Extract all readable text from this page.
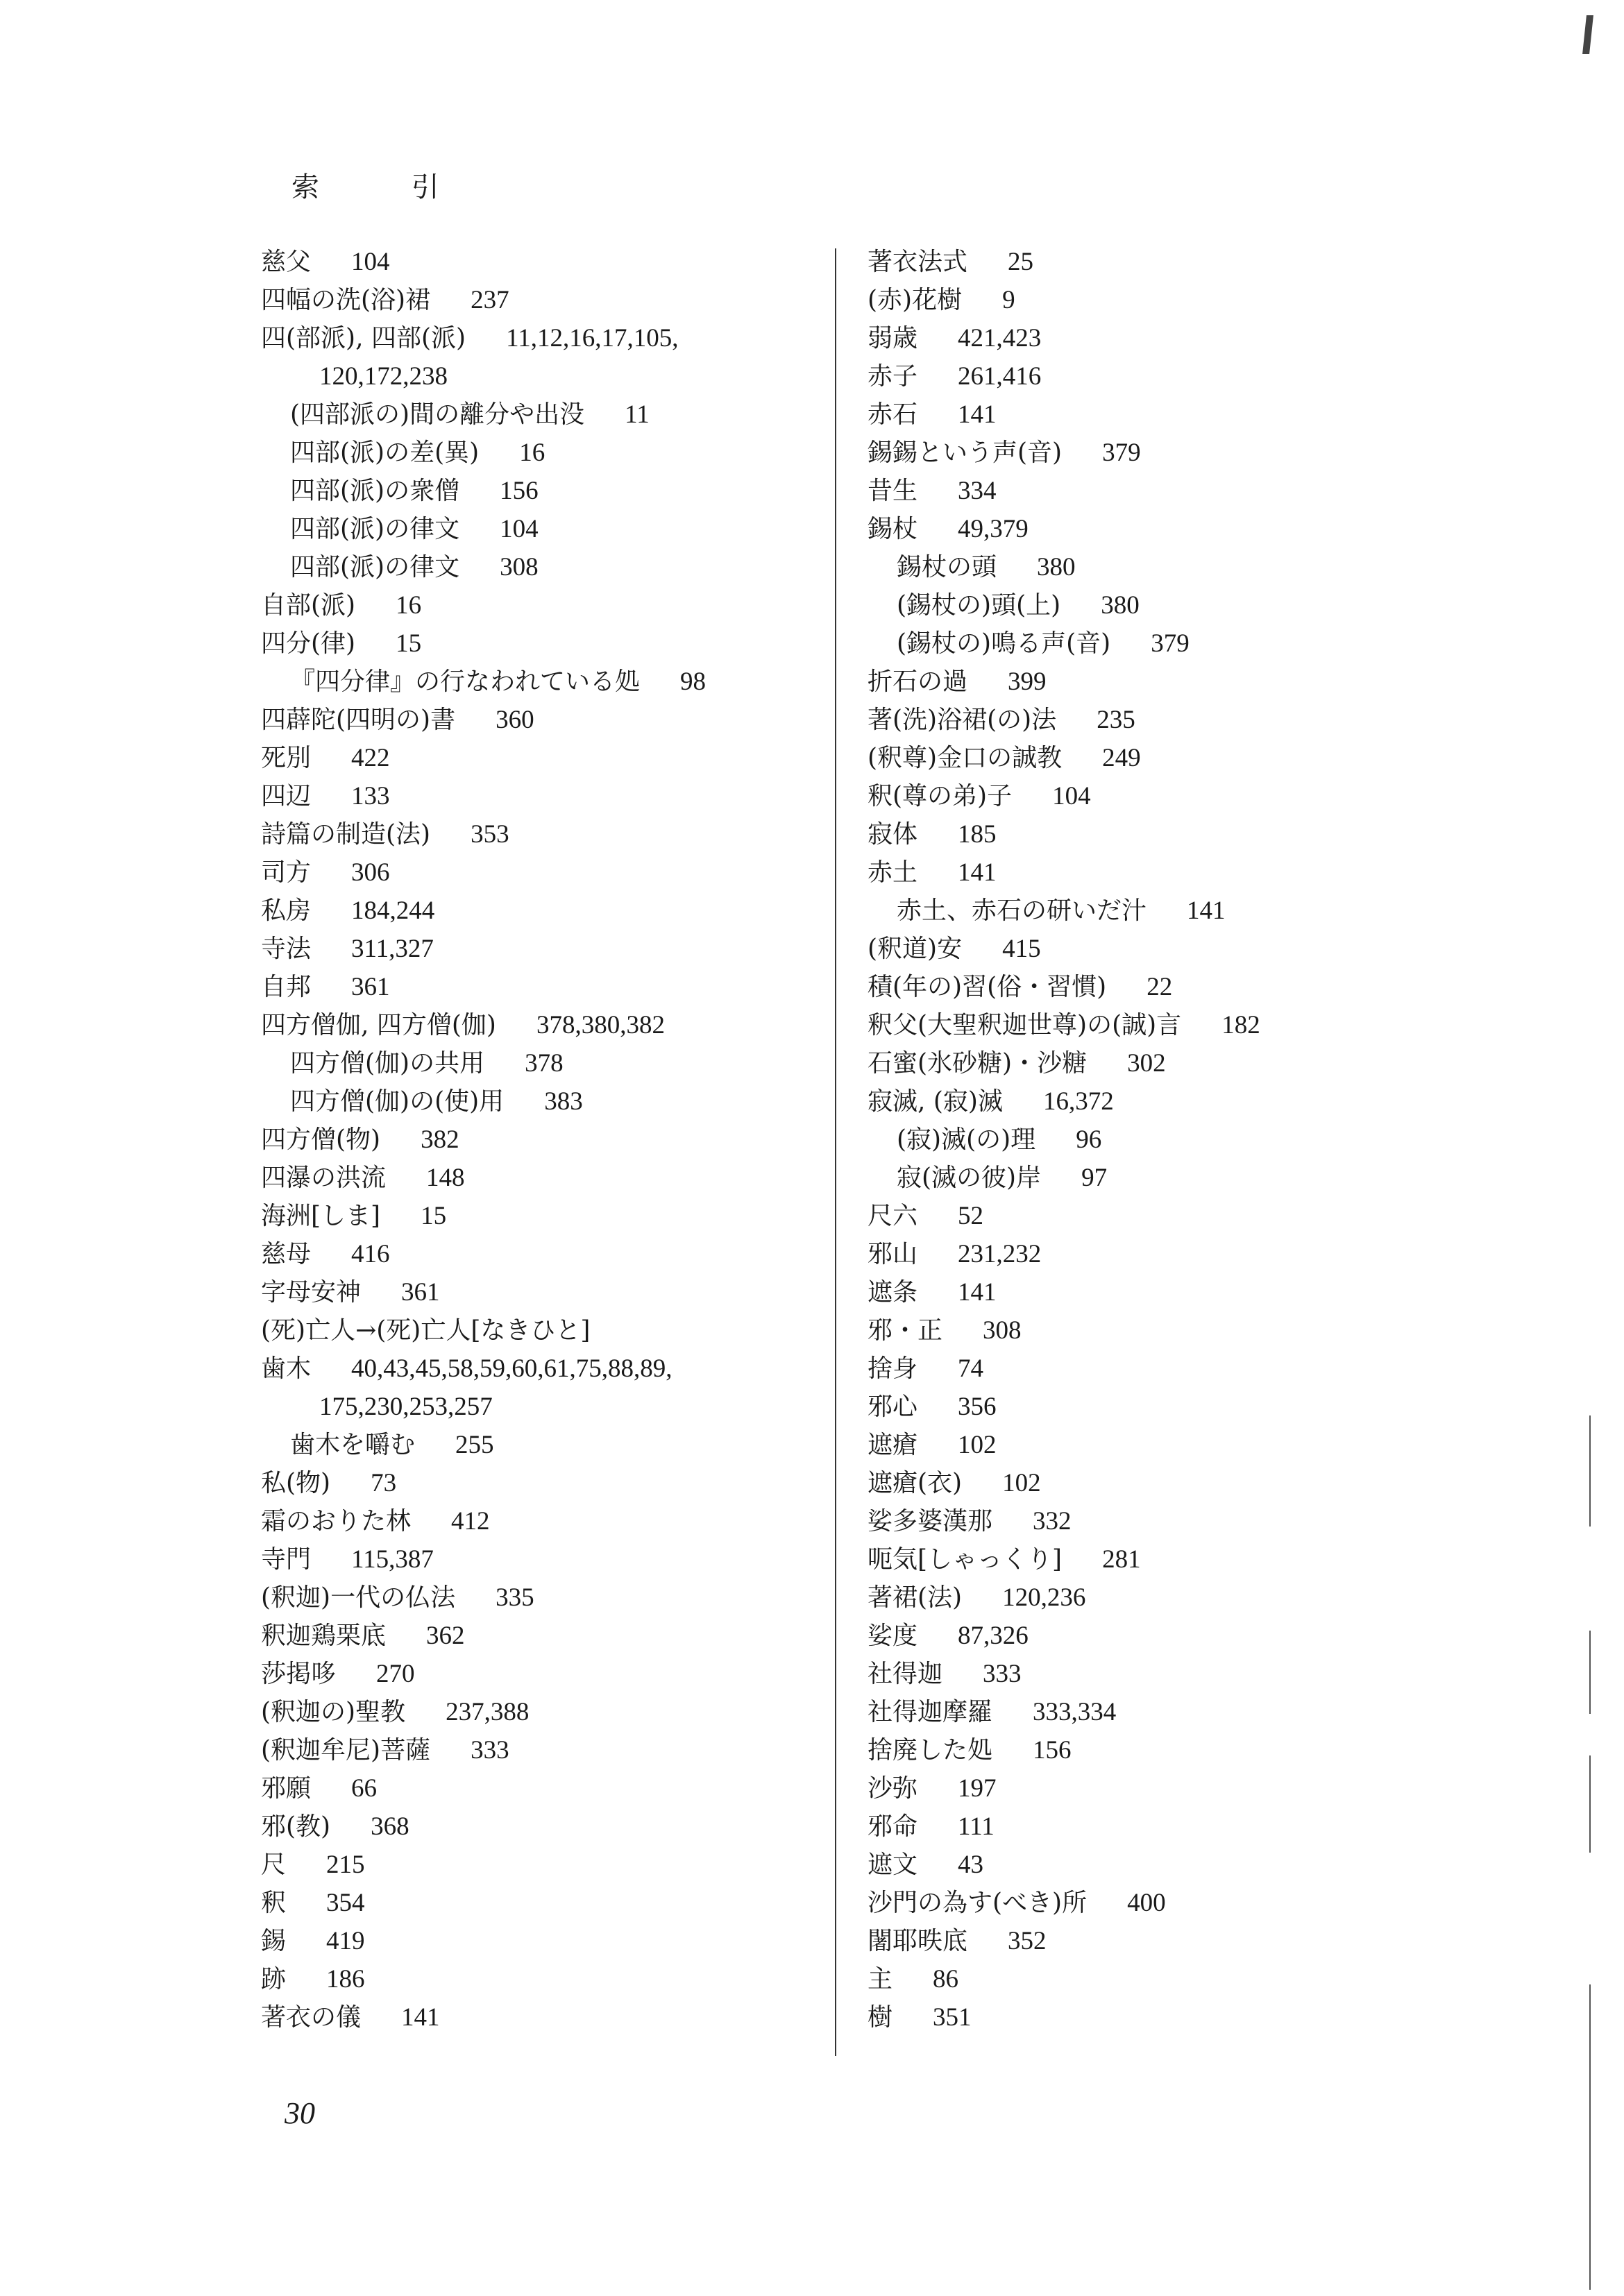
索 引
慈父 104
四幅の洗(浴)裙 237
四(部派), 四部(派) 11,12,16,17,105,
120,172,238
(四部派の)間の離分や出没 11
四部(派)の差(異) 16
四部(派)の衆僧 156
四部(派)の律文 104
四部(派)の律文 308
自部(派) 16
四分(律) 15
『四分律』の行なわれている処 98
四薜陀(四明の)書 360
死別 422
四辺 133
詩篇の制造(法) 353
司方 306
私房 184,244
寺法 311,327
自邦 361
四方僧伽, 四方僧(伽) 378,380,382
四方僧(伽)の共用 378
四方僧(伽)の(使)用 383
四方僧(物) 382
四瀑の洪流 148
海洲[しま] 15
慈母 416
字母安神 361
(死)亡人→(死)亡人[なきひと]
歯木 40,43,45,58,59,60,61,75,88,89,
175,230,253,257
歯木を嚼む 255
私(物) 73
霜のおりた林 412
寺門 115,387
(釈迦)一代の仏法 335
釈迦鶏栗底 362
莎掲哆 270
(釈迦の)聖教 237,388
(釈迦牟尼)菩薩 333
邪願 66
邪(教) 368
尺 215
釈 354
錫 419
跡 186
著衣の儀 141
著衣法式 25
(赤)花樹 9
弱歳 421,423
赤子 261,416
赤石 141
錫錫という声(音) 379
昔生 334
錫杖 49,379
錫杖の頭 380
(錫杖の)頭(上) 380
(錫杖の)鳴る声(音) 379
折石の過 399
著(洗)浴裙(の)法 235
(釈尊)金口の誠教 249
釈(尊の弟)子 104
寂体 185
赤土 141
赤土、赤石の研いだ汁 141
(釈道)安 415
積(年の)習(俗・習慣) 22
釈父(大聖釈迦世尊)の(誠)言 182
石蜜(氷砂糖)・沙糖 302
寂滅, (寂)滅 16,372
(寂)滅(の)理 96
寂(滅の彼)岸 97
尺六 52
邪山 231,232
遮条 141
邪・正 308
捨身 74
邪心 356
遮瘡 102
遮瘡(衣) 102
娑多婆漢那 332
呃気[しゃっくり] 281
著裙(法) 120,236
娑度 87,326
社得迦 333
社得迦摩羅 333,334
捨廃した処 156
沙弥 197
邪命 111
遮文 43
沙門の為す(べき)所 400
闍耶昳底 352
主 86
樹 351
30
